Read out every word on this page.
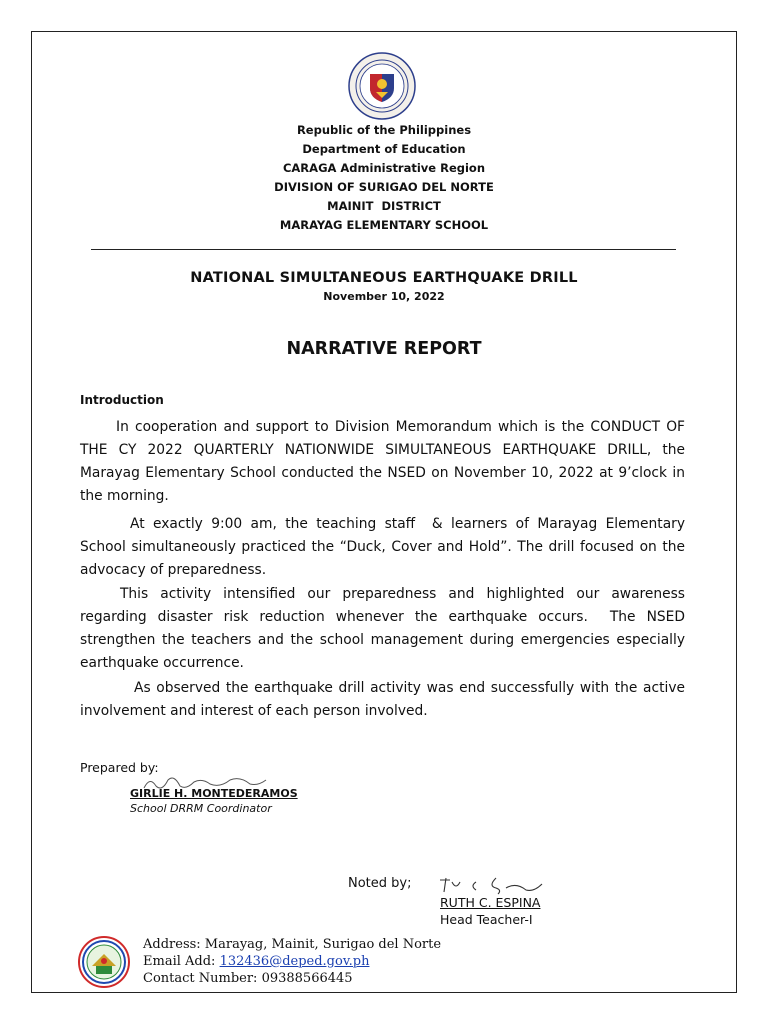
Republic of the Philippines
Department of Education
CARAGA Administrative Region
DIVISION OF SURIGAO DEL NORTE
MAINIT  DISTRICT
MARAYAG ELEMENTARY SCHOOL
NATIONAL SIMULTANEOUS EARTHQUAKE DRILL
November 10, 2022
NARRATIVE REPORT
Introduction

In cooperation and support to Division Memorandum which is the CONDUCT OF THE CY 2022 QUARTERLY NATIONWIDE SIMULTANEOUS EARTHQUAKE DRILL, the Marayag Elementary School conducted the NSED on November 10, 2022 at 9’clock in the morning.

At exactly 9:00 am, the teaching staff  & learners of Marayag Elementary School simultaneously practiced the “Duck, Cover and Hold”. The drill focused on the advocacy of preparedness.

This activity intensified our preparedness and highlighted our awareness regarding disaster risk reduction whenever the earthquake occurs.  The NSED strengthen the teachers and the school management during emergencies especially earthquake occurrence.

As observed the earthquake drill activity was end successfully with the active involvement and interest of each person involved.

Prepared by:
GIRLIE H. MONTEDERAMOS
School DRRM Coordinator
Noted by;
RUTH C. ESPINA
Head Teacher-I
Address: Marayag, Mainit, Surigao del Norte
Email Add: 132436@deped.gov.ph
Contact Number: 09388566445
